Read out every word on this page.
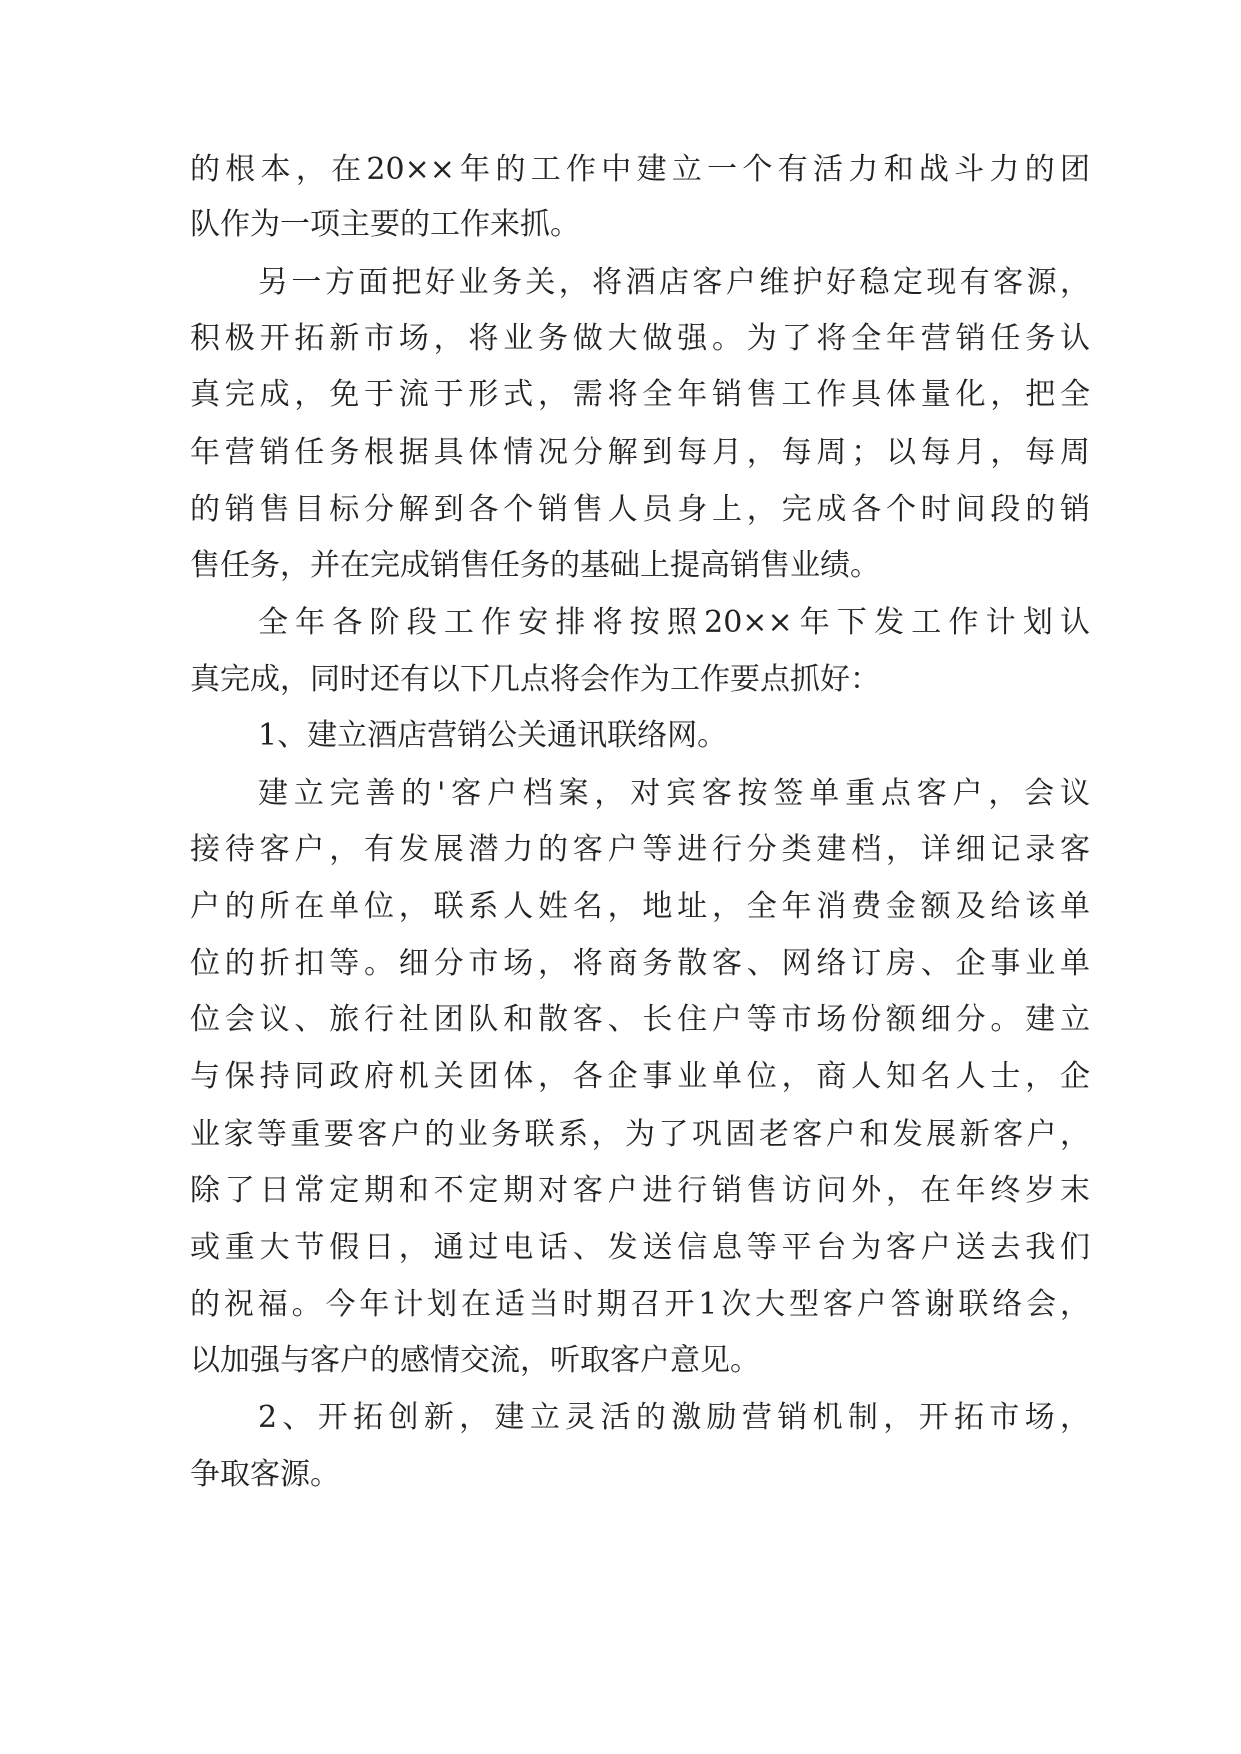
的根本，在20××年的工作中建立一个有活力和战斗力的团
队作为一项主要的工作来抓。
另一方面把好业务关，将酒店客户维护好稳定现有客源，
积极开拓新市场，将业务做大做强。为了将全年营销任务认
真完成，免于流于形式，需将全年销售工作具体量化，把全
年营销任务根据具体情况分解到每月，每周；以每月，每周
的销售目标分解到各个销售人员身上，完成各个时间段的销
售任务，并在完成销售任务的基础上提高销售业绩。
全年各阶段工作安排将按照20××年下发工作计划认
真完成，同时还有以下几点将会作为工作要点抓好：
1、建立酒店营销公关通讯联络网。
建立完善的'客户档案，对宾客按签单重点客户，会议
接待客户，有发展潜力的客户等进行分类建档，详细记录客
户的所在单位，联系人姓名，地址，全年消费金额及给该单
位的折扣等。细分市场，将商务散客、网络订房、企事业单
位会议、旅行社团队和散客、长住户等市场份额细分。建立
与保持同政府机关团体，各企事业单位，商人知名人士，企
业家等重要客户的业务联系，为了巩固老客户和发展新客户，
除了日常定期和不定期对客户进行销售访问外，在年终岁末
或重大节假日，通过电话、发送信息等平台为客户送去我们
的祝福。今年计划在适当时期召开1次大型客户答谢联络会，
以加强与客户的感情交流，听取客户意见。
2、开拓创新，建立灵活的激励营销机制，开拓市场，
争取客源。
